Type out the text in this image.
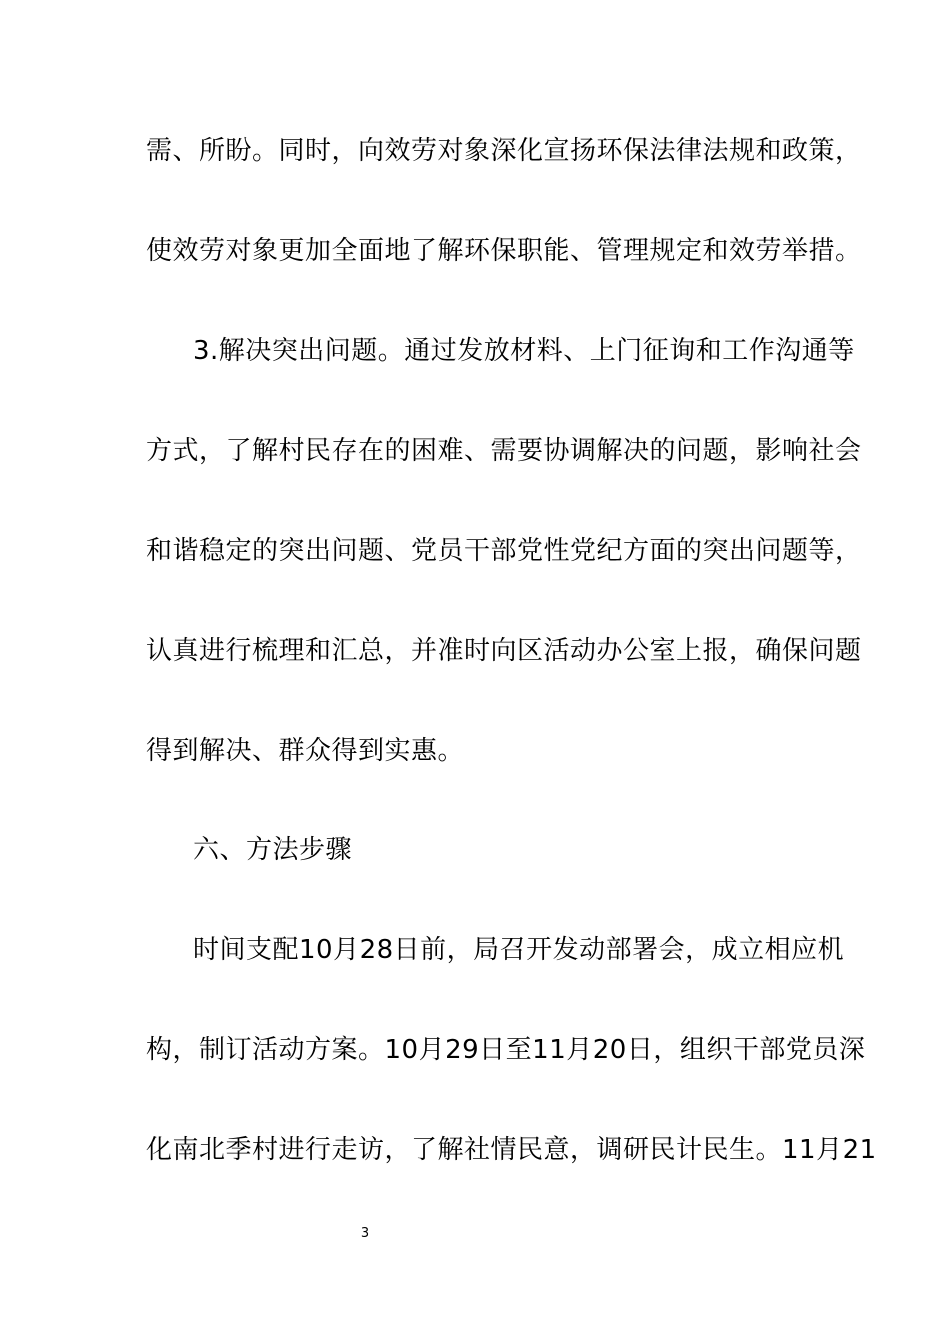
需、所盼。同时，向效劳对象深化宣扬环保法律法规和政策，
使效劳对象更加全面地了解环保职能、管理规定和效劳举措。
3.解决突出问题。通过发放材料、上门征询和工作沟通等
方式，了解村民存在的困难、需要协调解决的问题，影响社会
和谐稳定的突出问题、党员干部党性党纪方面的突出问题等，
认真进行梳理和汇总，并准时向区活动办公室上报，确保问题
得到解决、群众得到实惠。
六、方法步骤
时间支配10月28日前，局召开发动部署会，成立相应机
构，制订活动方案。10月29日至11月20日，组织干部党员深
化南北季村进行走访，了解社情民意，调研民计民生。11月21
3
